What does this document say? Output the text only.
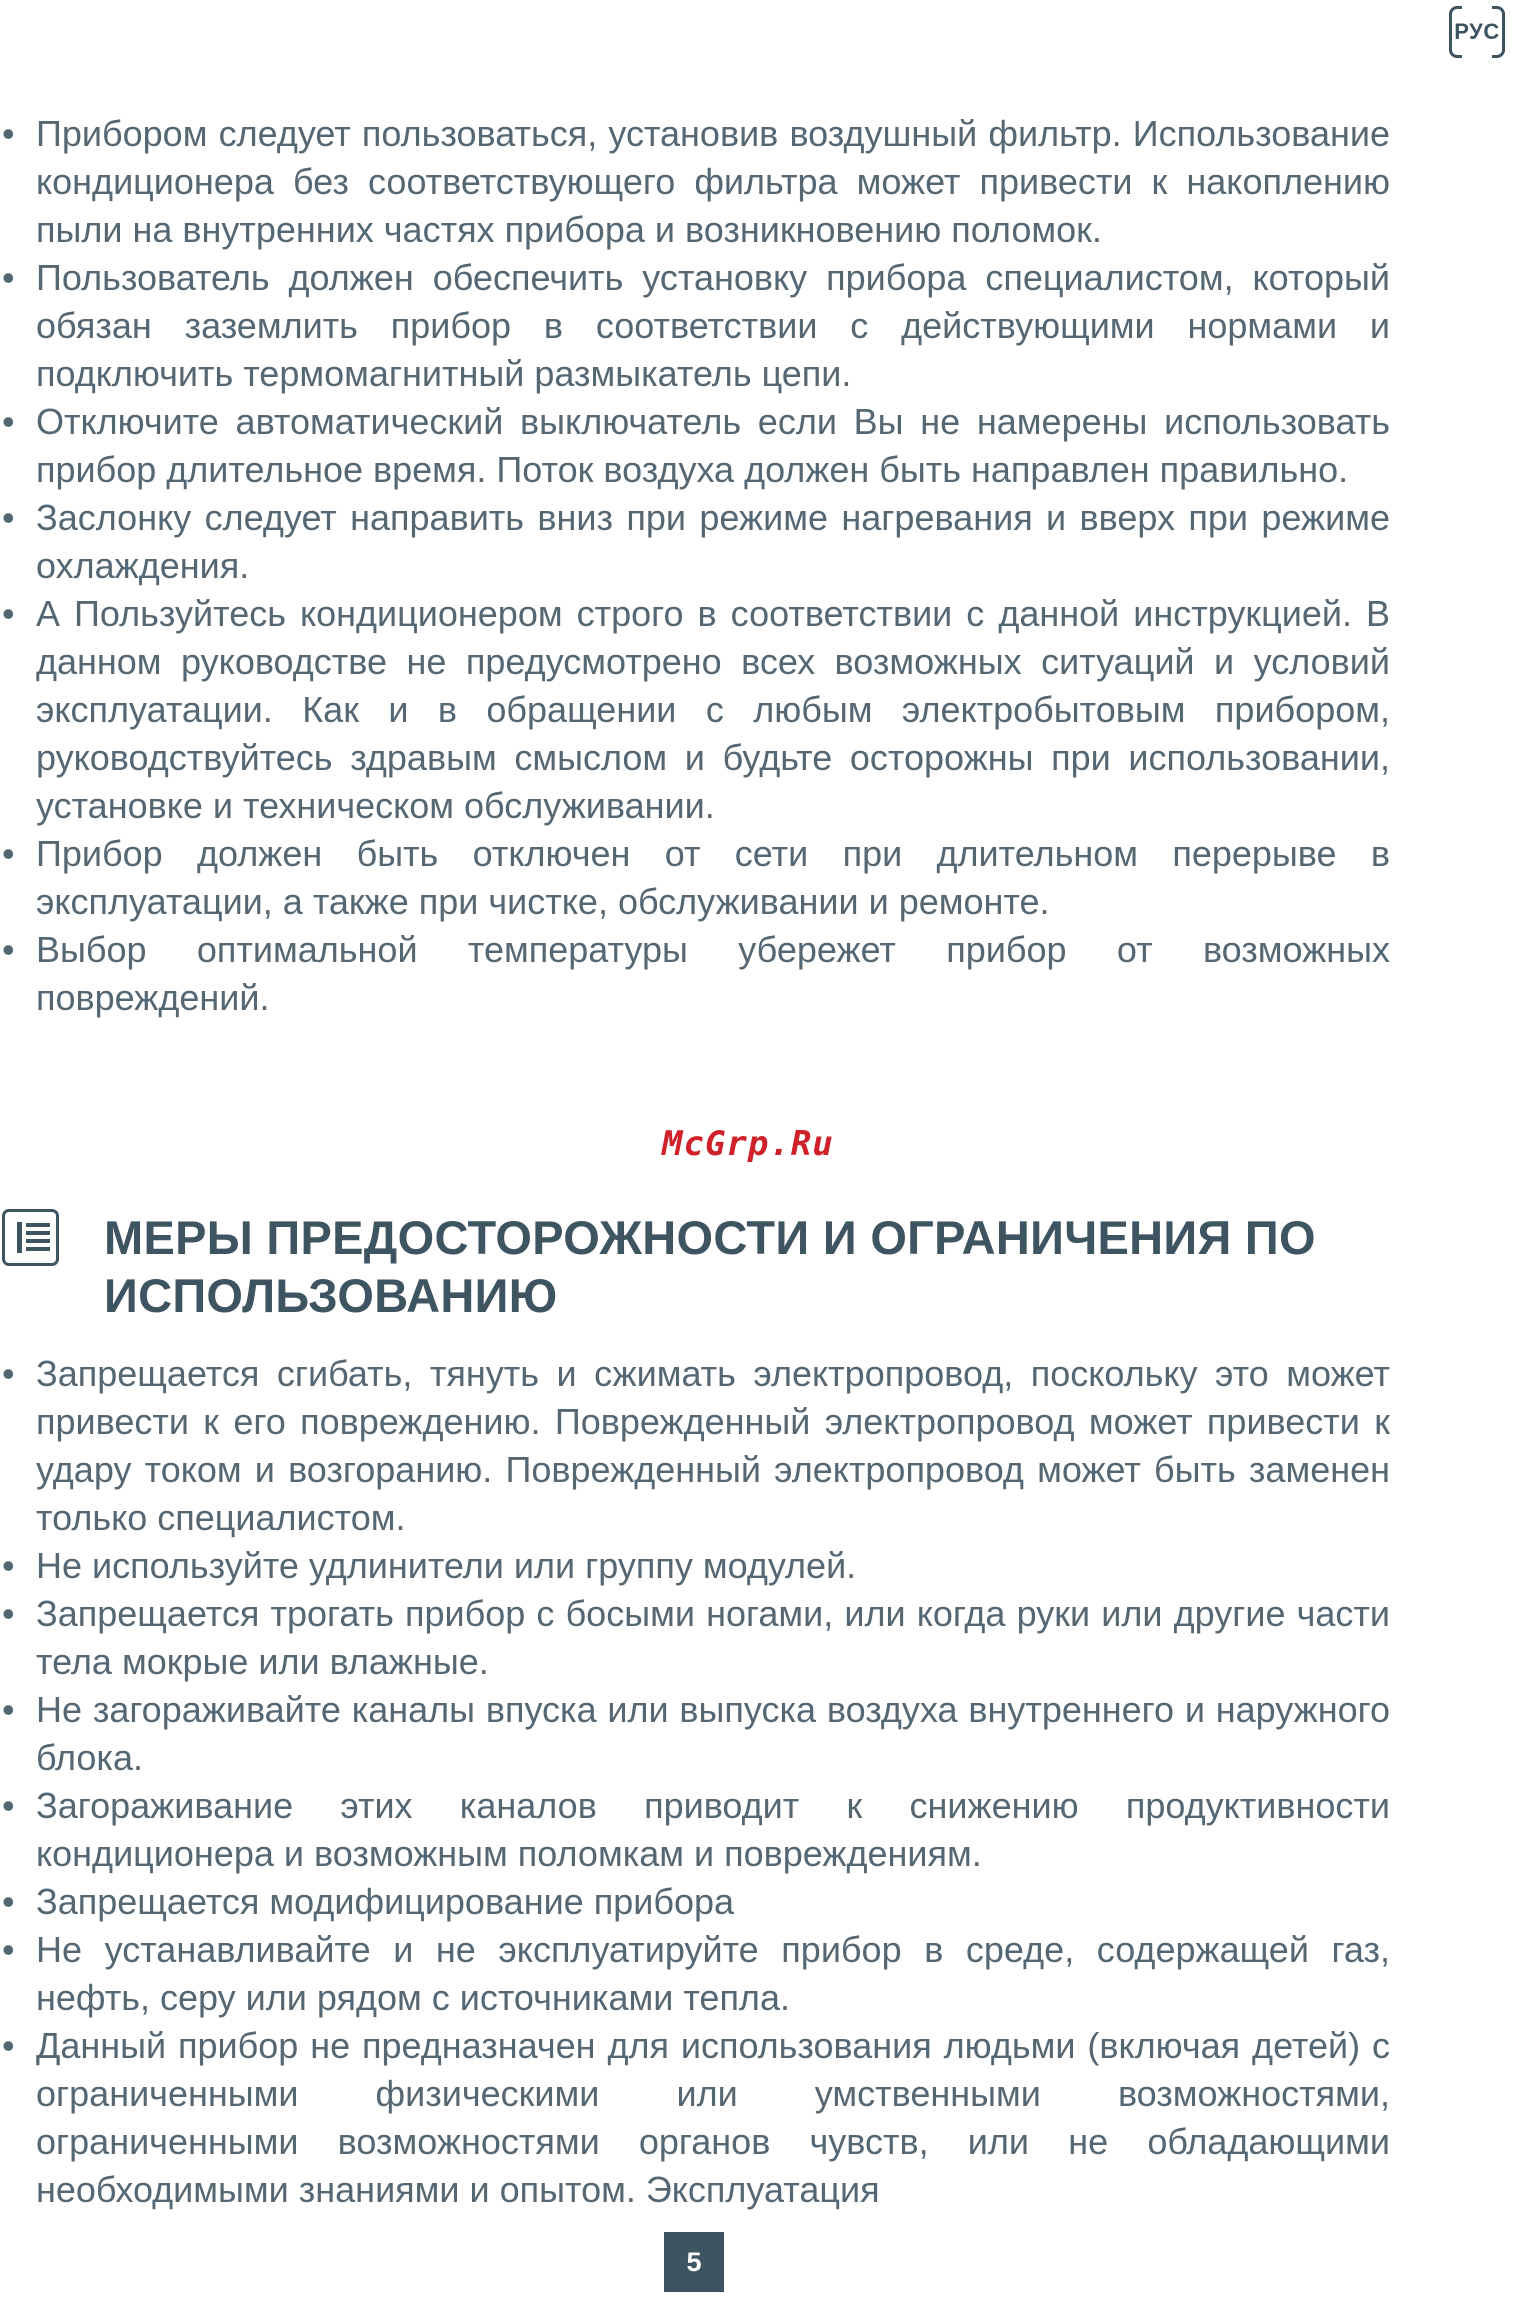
РУС
• Прибором следует пользоваться, установив воздушный фильтр. Использование кондиционера без соответствующего фильтра может привести к накоплению пыли на внутренних частях прибора и возникновению поломок.
• Пользователь должен обеспечить установку прибора специалистом, который обязан заземлить прибор в соответствии с действующими нормами и подключить термомагнитный размыкатель цепи.
• Отключите автоматический выключатель если Вы не намерены использовать прибор длительное время. Поток воздуха должен быть направлен правильно.
• Заслонку следует направить вниз при режиме нагревания и вверх при режиме охлаждения.
• А Пользуйтесь кондиционером строго в соответствии с данной инструкцией. В данном руководстве не предусмотрено всех возможных ситуаций и условий эксплуатации. Как и в обращении с любым электробытовым прибором, руководствуйтесь здравым смыслом и будьте осторожны при использовании, установке и техническом обслуживании.
• Прибор должен быть отключен от сети при длительном перерыве в эксплуатации, а также при чистке, обслуживании и ремонте.
• Выбор оптимальной температуры убережет прибор от возможных повреждений.
McGrp.Ru
МЕРЫ ПРЕДОСТОРОЖНОСТИ И ОГРАНИЧЕНИЯ ПО ИСПОЛЬЗОВАНИЮ
• Запрещается сгибать, тянуть и сжимать электропровод, поскольку это может привести к его повреждению. Поврежденный электропровод может привести к удару током и возгоранию. Поврежденный электропровод может быть заменен только специалистом.
• Не используйте удлинители или группу модулей.
• Запрещается трогать прибор с босыми ногами, или когда руки или другие части тела мокрые или влажные.
• Не загораживайте каналы впуска или выпуска воздуха внутреннего и наружного блока.
• Загораживание этих каналов приводит к снижению продуктивности кондиционера и возможным поломкам и повреждениям.
• Запрещается модифицирование прибора
• Не устанавливайте и не эксплуатируйте прибор в среде, содержащей газ, нефть, серу или рядом с источниками тепла.
• Данный прибор не предназначен для использования людьми (включая детей) с ограниченными физическими или умственными возможностями, ограниченными возможностями органов чувств, или не обладающими необходимыми знаниями и опытом. Эксплуатация
5
